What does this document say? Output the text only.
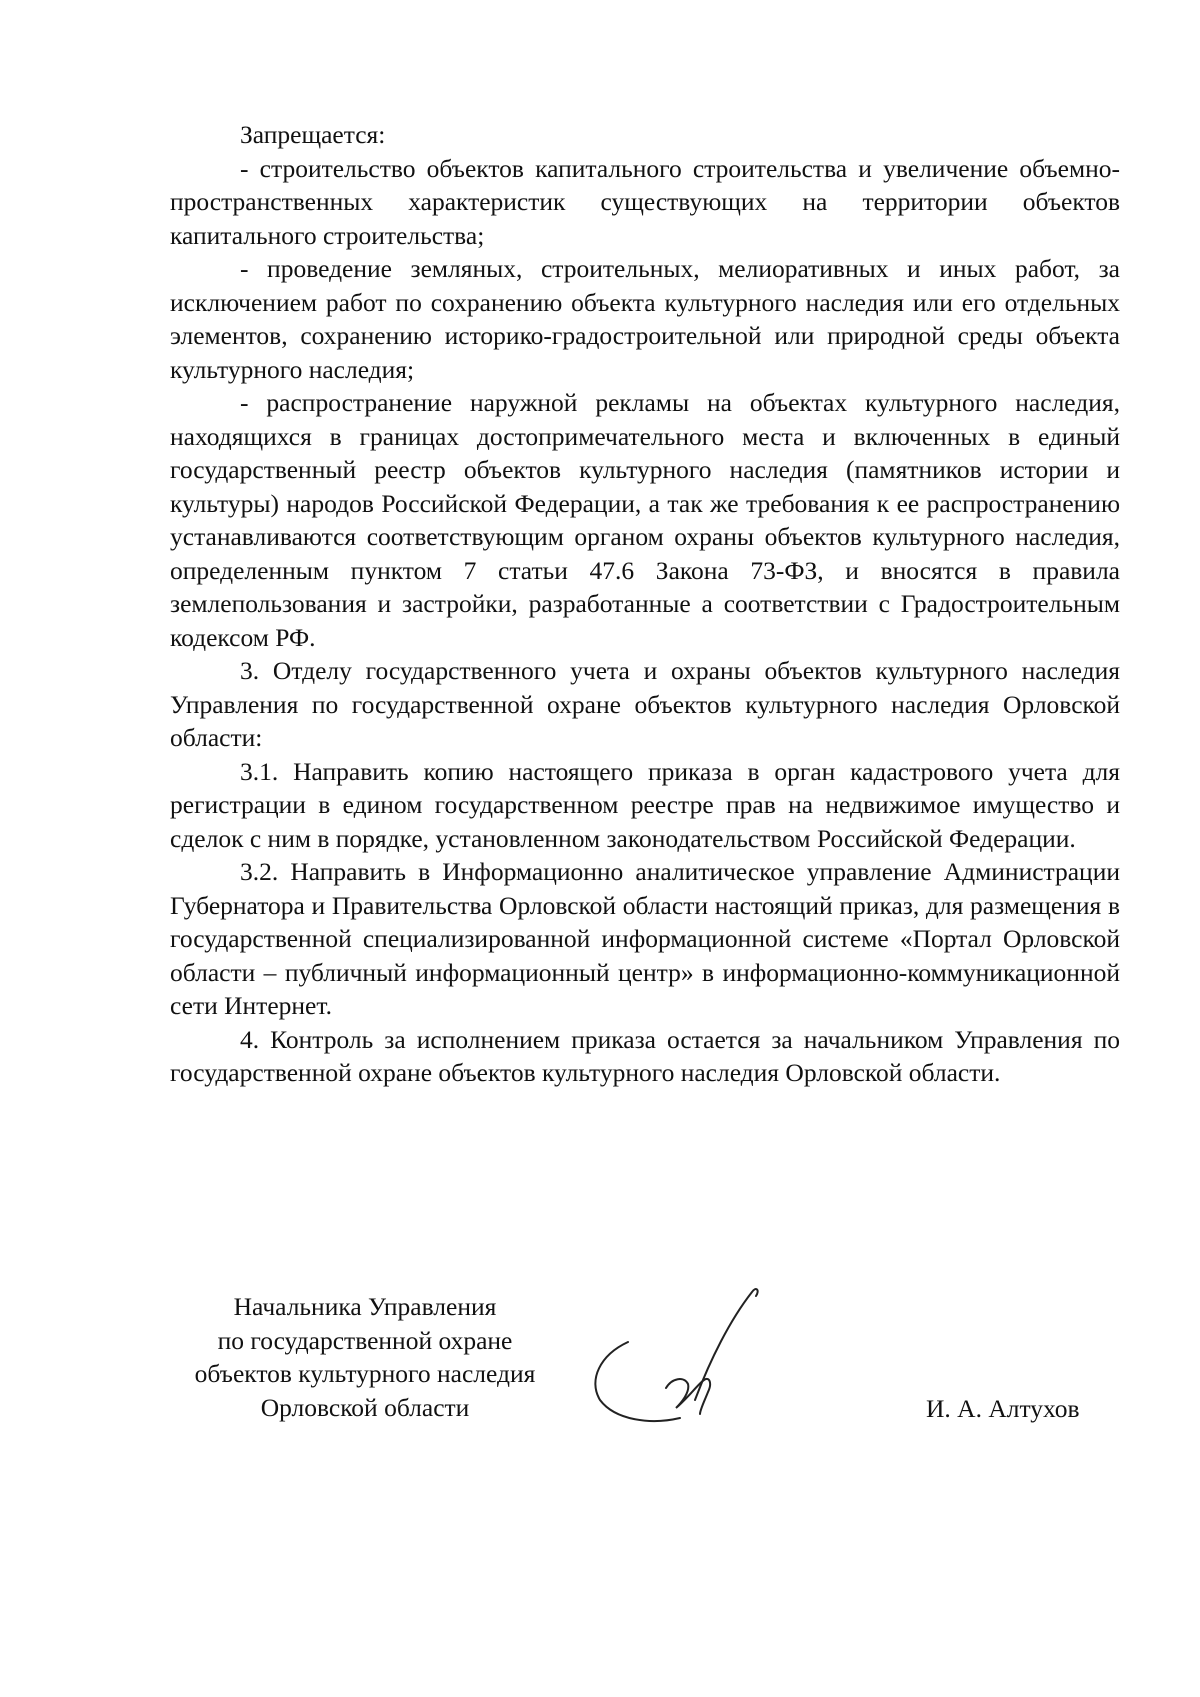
Запрещается:

- строительство объектов капитального строительства и увеличение объемно-пространственных характеристик существующих на территории объектов капитального строительства;

- проведение земляных, строительных, мелиоративных и иных работ, за исключением работ по сохранению объекта культурного наследия или его отдельных элементов, сохранению историко-градостроительной или природной среды объекта культурного наследия;

- распространение наружной рекламы на объектах культурного наследия, находящихся в границах достопримечательного места и включенных в единый государственный реестр объектов культурного наследия (памятников истории и культуры) народов Российской Федерации, а так же требования к ее распространению устанавливаются соответствующим органом охраны объектов культурного наследия, определенным пунктом 7 статьи 47.6 Закона 73-ФЗ, и вносятся в правила землепользования и застройки, разработанные а соответствии с Градостроительным кодексом РФ.

3. Отделу государственного учета и охраны объектов культурного наследия Управления по государственной охране объектов культурного наследия Орловской области:

3.1. Направить копию настоящего приказа в орган кадастрового учета для регистрации в едином государственном реестре прав на недвижимое имущество и сделок с ним в порядке, установленном законодательством Российской Федерации.

3.2. Направить в Информационно аналитическое управление Администрации Губернатора и Правительства Орловской области настоящий приказ, для размещения в государственной специализированной информационной системе «Портал Орловской области – публичный информационный центр» в информационно-коммуникационной сети Интернет.

4. Контроль за исполнением приказа остается за начальником Управления по государственной охране объектов культурного наследия Орловской области.

Начальника Управления
по государственной охране
объектов культурного наследия
Орловской области	И. А. Алтухов
